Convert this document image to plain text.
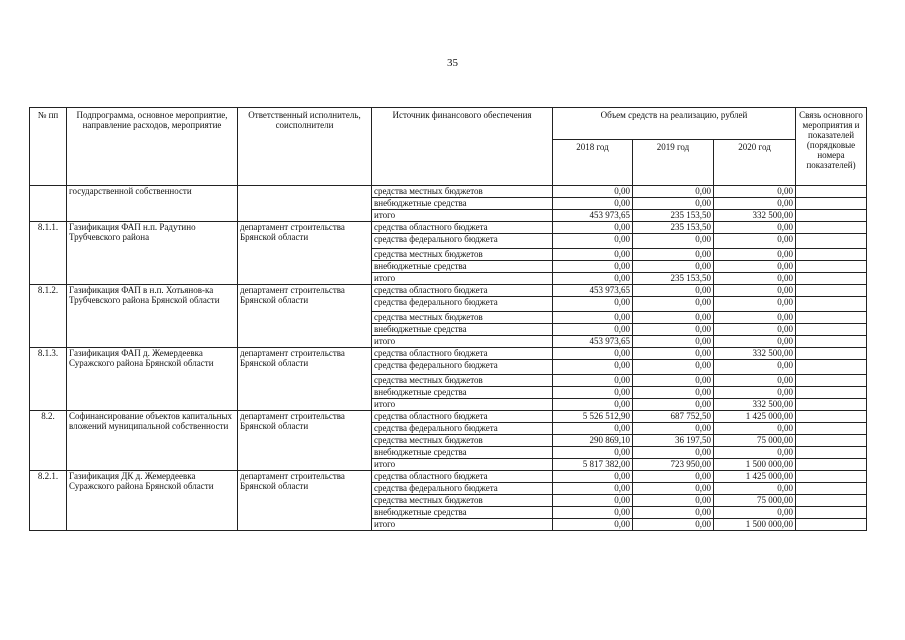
35
№ пп	Подпрограмма, основное мероприятие, направление расходов, мероприятие	Ответственный исполнитель, соисполнители	Источник финансового обеспечения	Объем средств на реализацию, рублей			Связь основного мероприятия и показателей (порядковые номера показателей)
				2018 год	2019 год	2020 год	
	государственной собственности		средства местных бюджетов	0,00	0,00	0,00	
			внебюджетные средства	0,00	0,00	0,00	
			итого	453 973,65	235 153,50	332 500,00	
8.1.1.	Газификация ФАП н.п. Радутино Трубчевского района	департамент строительства Брянской области	средства областного бюджета	0,00	235 153,50	0,00	
			средства федерального бюджета	0,00	0,00	0,00	
			средства местных бюджетов	0,00	0,00	0,00	
			внебюджетные средства	0,00	0,00	0,00	
			итого	0,00	235 153,50	0,00	
8.1.2.	Газификация ФАП в н.п. Хотьянов-ка Трубчевского района Брянской области	департамент строительства Брянской области	средства областного бюджета	453 973,65	0,00	0,00	
			средства федерального бюджета	0,00	0,00	0,00	
			средства местных бюджетов	0,00	0,00	0,00	
			внебюджетные средства	0,00	0,00	0,00	
			итого	453 973,65	0,00	0,00	
8.1.3.	Газификация ФАП д. Жемердеевка Суражского района Брянской области	департамент строительства Брянской области	средства областного бюджета	0,00	0,00	332 500,00	
			средства федерального бюджета	0,00	0,00	0,00	
			средства местных бюджетов	0,00	0,00	0,00	
			внебюджетные средства	0,00	0,00	0,00	
			итого	0,00	0,00	332 500,00	
8.2.	Софинансирование объектов капитальных вложений муниципальной собственности	департамент строительства Брянской области	средства областного бюджета	5 526 512,90	687 752,50	1 425 000,00	
			средства федерального бюджета	0,00	0,00	0,00	
			средства местных бюджетов	290 869,10	36 197,50	75 000,00	
			внебюджетные средства	0,00	0,00	0,00	
			итого	5 817 382,00	723 950,00	1 500 000,00	
8.2.1.	Газификация ДК д. Жемердеевка Суражского района Брянской области	департамент строительства Брянской области	средства областного бюджета	0,00	0,00	1 425 000,00	
			средства федерального бюджета	0,00	0,00	0,00	
			средства местных бюджетов	0,00	0,00	75 000,00	
			внебюджетные средства	0,00	0,00	0,00	
			итого	0,00	0,00	1 500 000,00	
